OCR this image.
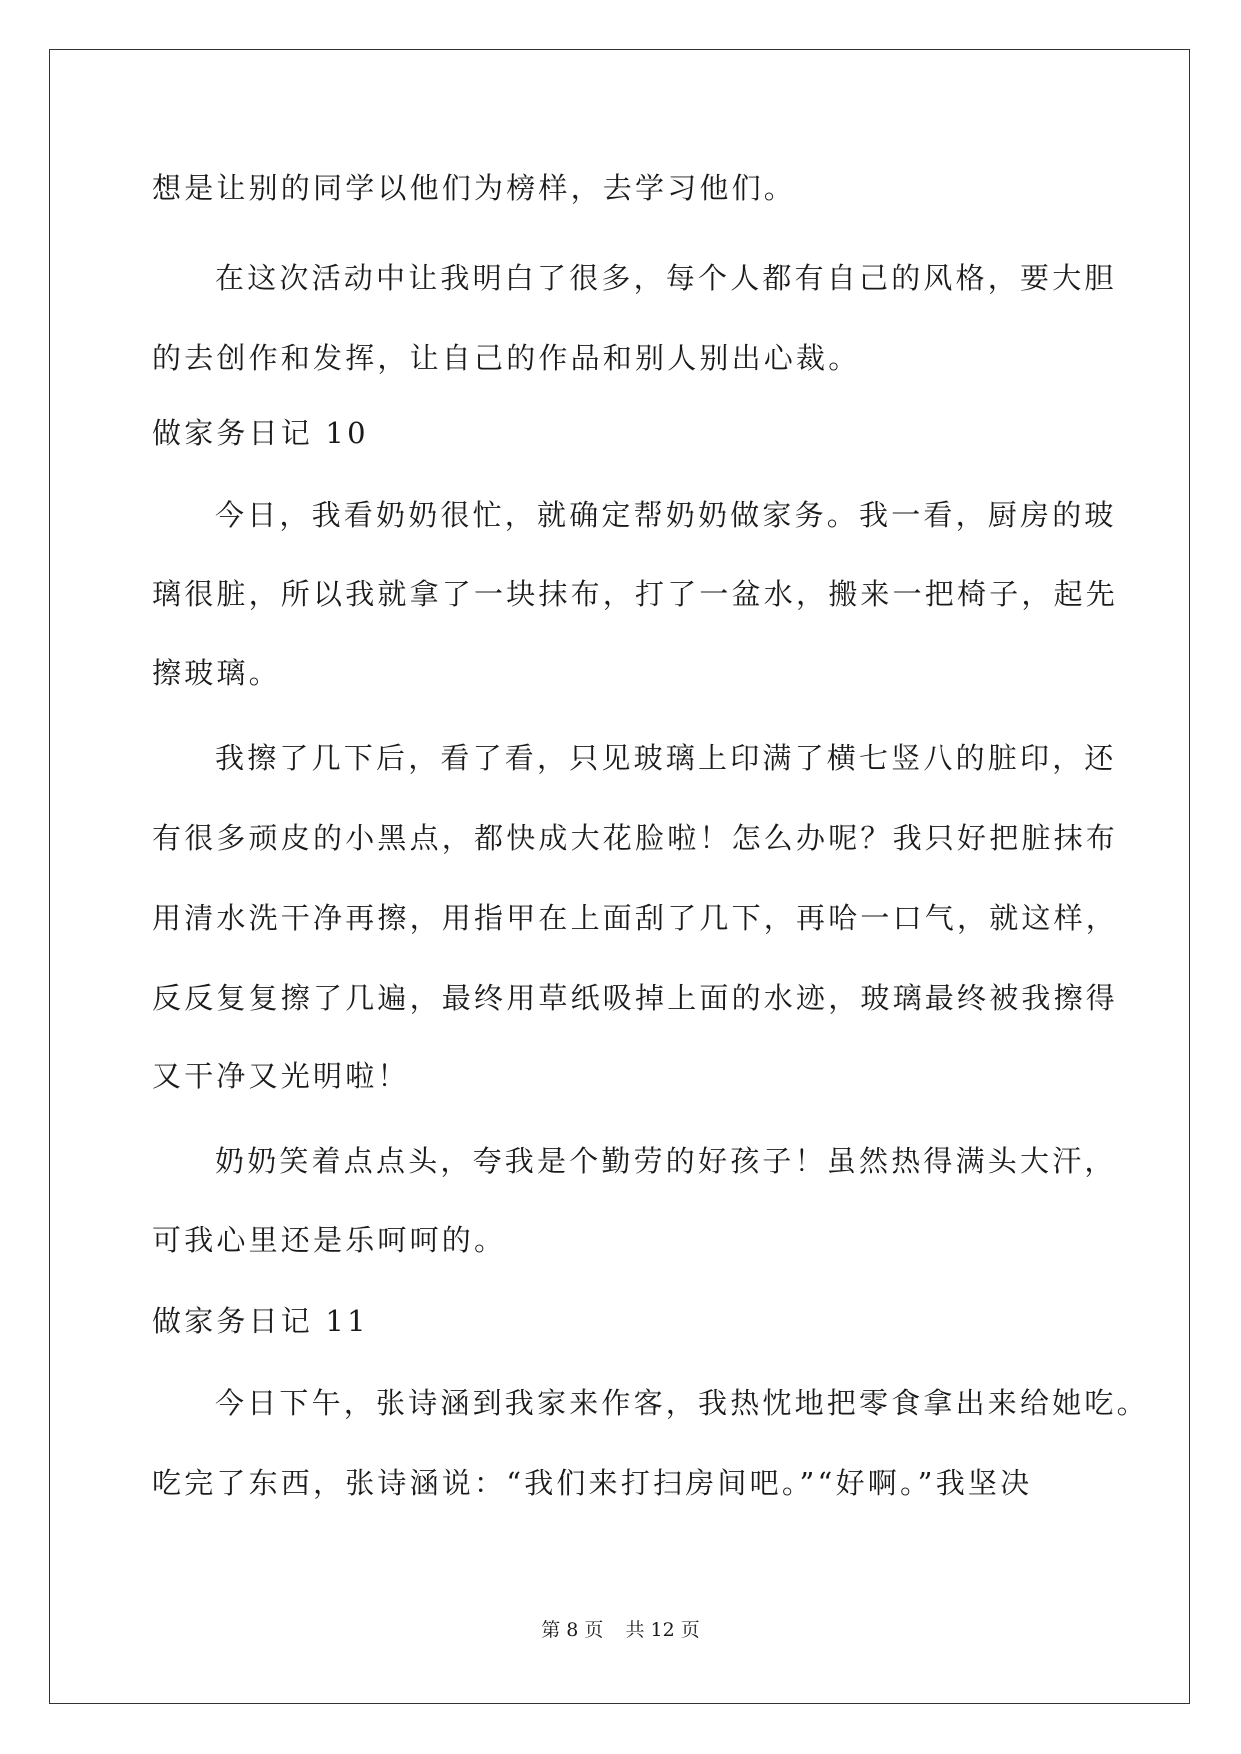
想是让别的同学以他们为榜样，去学习他们。
在这次活动中让我明白了很多，每个人都有自己的风格，要大胆
的去创作和发挥，让自己的作品和别人别出心裁。
做家务日记 10
今日，我看奶奶很忙，就确定帮奶奶做家务。我一看，厨房的玻
璃很脏，所以我就拿了一块抹布，打了一盆水，搬来一把椅子，起先
擦玻璃。
我擦了几下后，看了看，只见玻璃上印满了横七竖八的脏印，还
有很多顽皮的小黑点，都快成大花脸啦！怎么办呢？我只好把脏抹布
用清水洗干净再擦，用指甲在上面刮了几下，再哈一口气，就这样，
反反复复擦了几遍，最终用草纸吸掉上面的水迹，玻璃最终被我擦得
又干净又光明啦！
奶奶笑着点点头，夸我是个勤劳的好孩子！虽然热得满头大汗，
可我心里还是乐呵呵的。
做家务日记 11
今日下午，张诗涵到我家来作客，我热忱地把零食拿出来给她吃。
吃完了东西，张诗涵说：“我们来打扫房间吧。”“好啊。”我坚决
第 8 页 共 12 页
